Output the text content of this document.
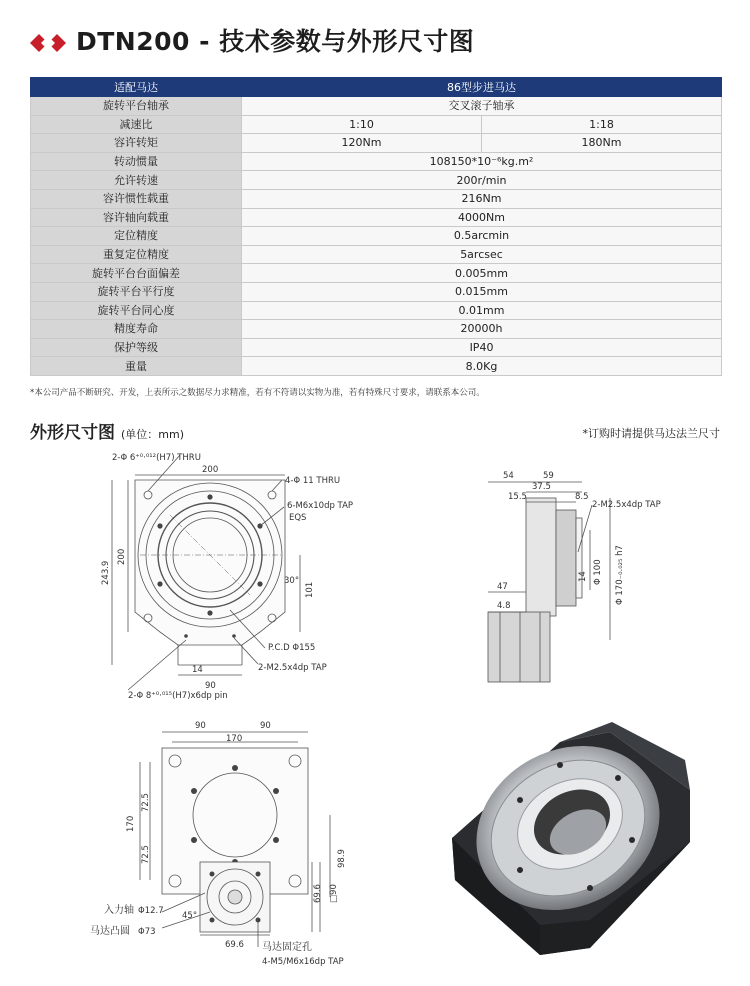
DTN200 - 技术参数与外形尺寸图
适配马达	86型步进马达	
旋转平台轴承	交叉滚子轴承	
减速比	1:10	1:18
容许转矩	120Nm	180Nm
转动惯量	108150*10⁻⁶kg.m²	
允许转速	200r/min	
容许惯性载重	216Nm	
容许轴向载重	4000Nm	
定位精度	0.5arcmin	
重复定位精度	5arcsec	
旋转平台台面偏差	0.005mm	
旋转平台平行度	0.015mm	
旋转平台同心度	0.01mm	
精度寿命	20000h	
保护等级	IP40	
重量	8.0Kg	
*本公司产品不断研究、开发，上表所示之数据尽力求精准，若有不符请以实物为准，若有特殊尺寸要求，请联系本公司。
外形尺寸图 (单位：mm)	*订购时请提供马达法兰尺寸
2-Φ 6⁺⁰·⁰¹²(H7) THRU
200
4-Φ 11 THRU
6-M6x10dp TAP
EQS
200
243.9	30°
101
P.C.D Φ155
14	2-M2.5x4dp TAP
90
2-Φ 8⁺⁰·⁰¹⁵(H7)x6dp pin
54	59
37.5
15.5	8.5
2-M2.5x4dp TAP
14 Φ 100 Φ 170₋₀.₀₂₅ h7
47
4.8
90	90
170
72.5
170
72.5	98.9
69.6 □90
入力轴 Φ12.7 45°
马达凸圆 Φ73
69.6 马达固定孔
4-M5/M6x16dp TAP
